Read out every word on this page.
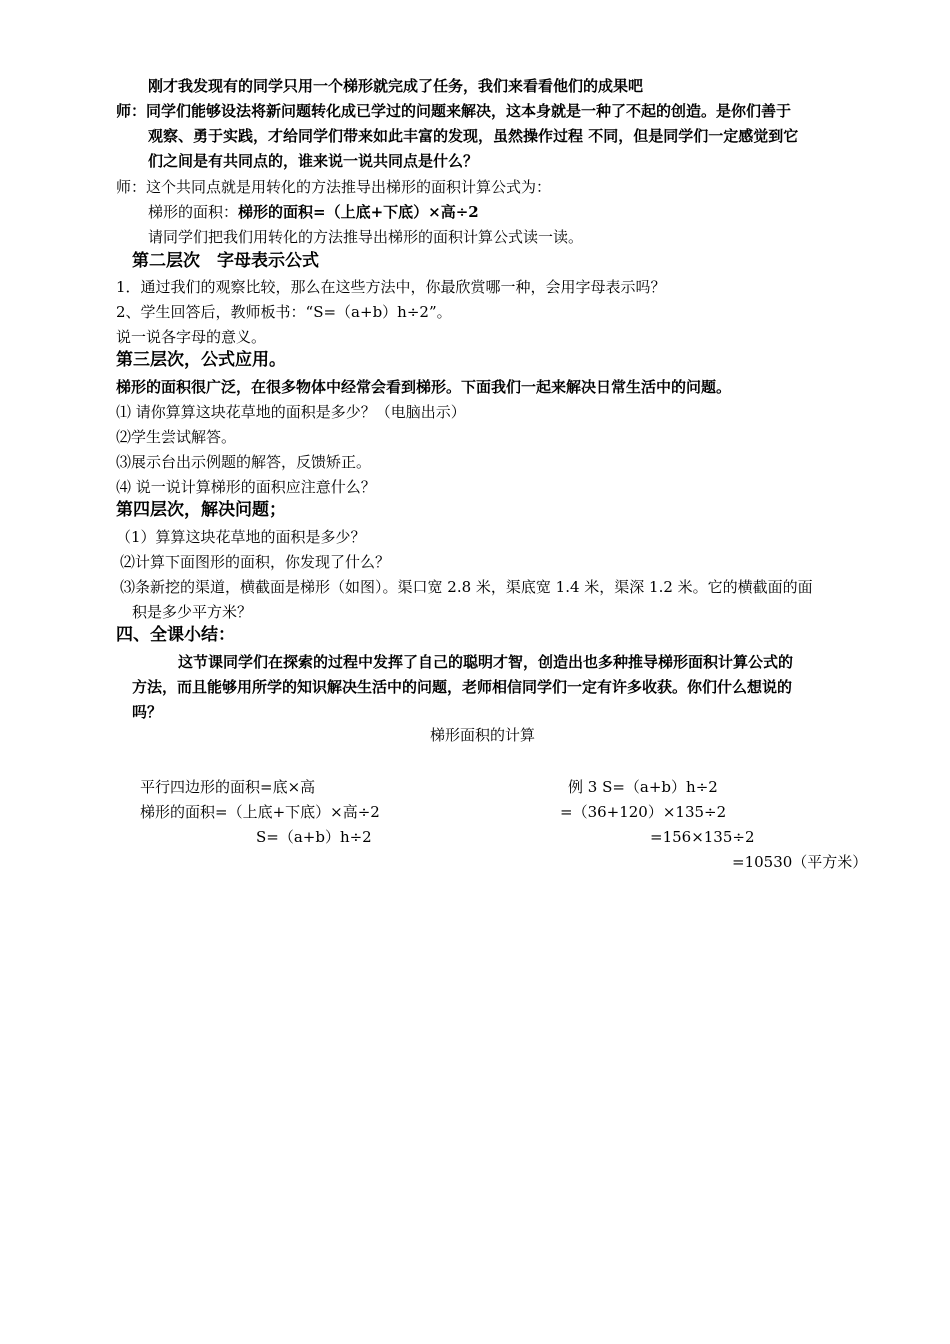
刚才我发现有的同学只用一个梯形就完成了任务，我们来看看他们的成果吧
师：同学们能够设法将新问题转化成已学过的问题来解决，这本身就是一种了不起的创造。是你们善于
观察、勇于实践，才给同学们带来如此丰富的发现，虽然操作过程 不同，但是同学们一定感觉到它
们之间是有共同点的，谁来说一说共同点是什么？
师：这个共同点就是用转化的方法推导出梯形的面积计算公式为：
梯形的面积：梯形的面积=（上底+下底）×高÷2
请同学们把我们用转化的方法推导出梯形的面积计算公式读一读。
第二层次　字母表示公式
1．通过我们的观察比较，那么在这些方法中，你最欣赏哪一种，会用字母表示吗？
2、学生回答后，教师板书：“S=（a+b）h÷2”。
说一说各字母的意义。
第三层次，公式应用。
梯形的面积很广泛，在很多物体中经常会看到梯形。下面我们一起来解决日常生活中的问题。
⑴ 请你算算这块花草地的面积是多少？（电脑出示）
⑵学生尝试解答。
⑶展示台出示例题的解答，反馈矫正。
⑷ 说一说计算梯形的面积应注意什么？
第四层次，解决问题；
（1）算算这块花草地的面积是多少？
⑵计算下面图形的面积，你发现了什么？
⑶条新挖的渠道，横截面是梯形（如图）。渠口宽 2.8 米，渠底宽 1.4 米，渠深 1.2 米。它的横截面的面
积是多少平方米？
四、全课小结：
这节课同学们在探索的过程中发挥了自己的聪明才智，创造出也多种推导梯形面积计算公式的
方法，而且能够用所学的知识解决生活中的问题，老师相信同学们一定有许多收获。你们什么想说的
吗？
梯形面积的计算
平行四边形的面积=底×高
梯形的面积=（上底+下底）×高÷2
S=（a+b）h÷2
例 3 S=（a+b）h÷2
=（36+120）×135÷2
=156×135÷2
=10530（平方米）
